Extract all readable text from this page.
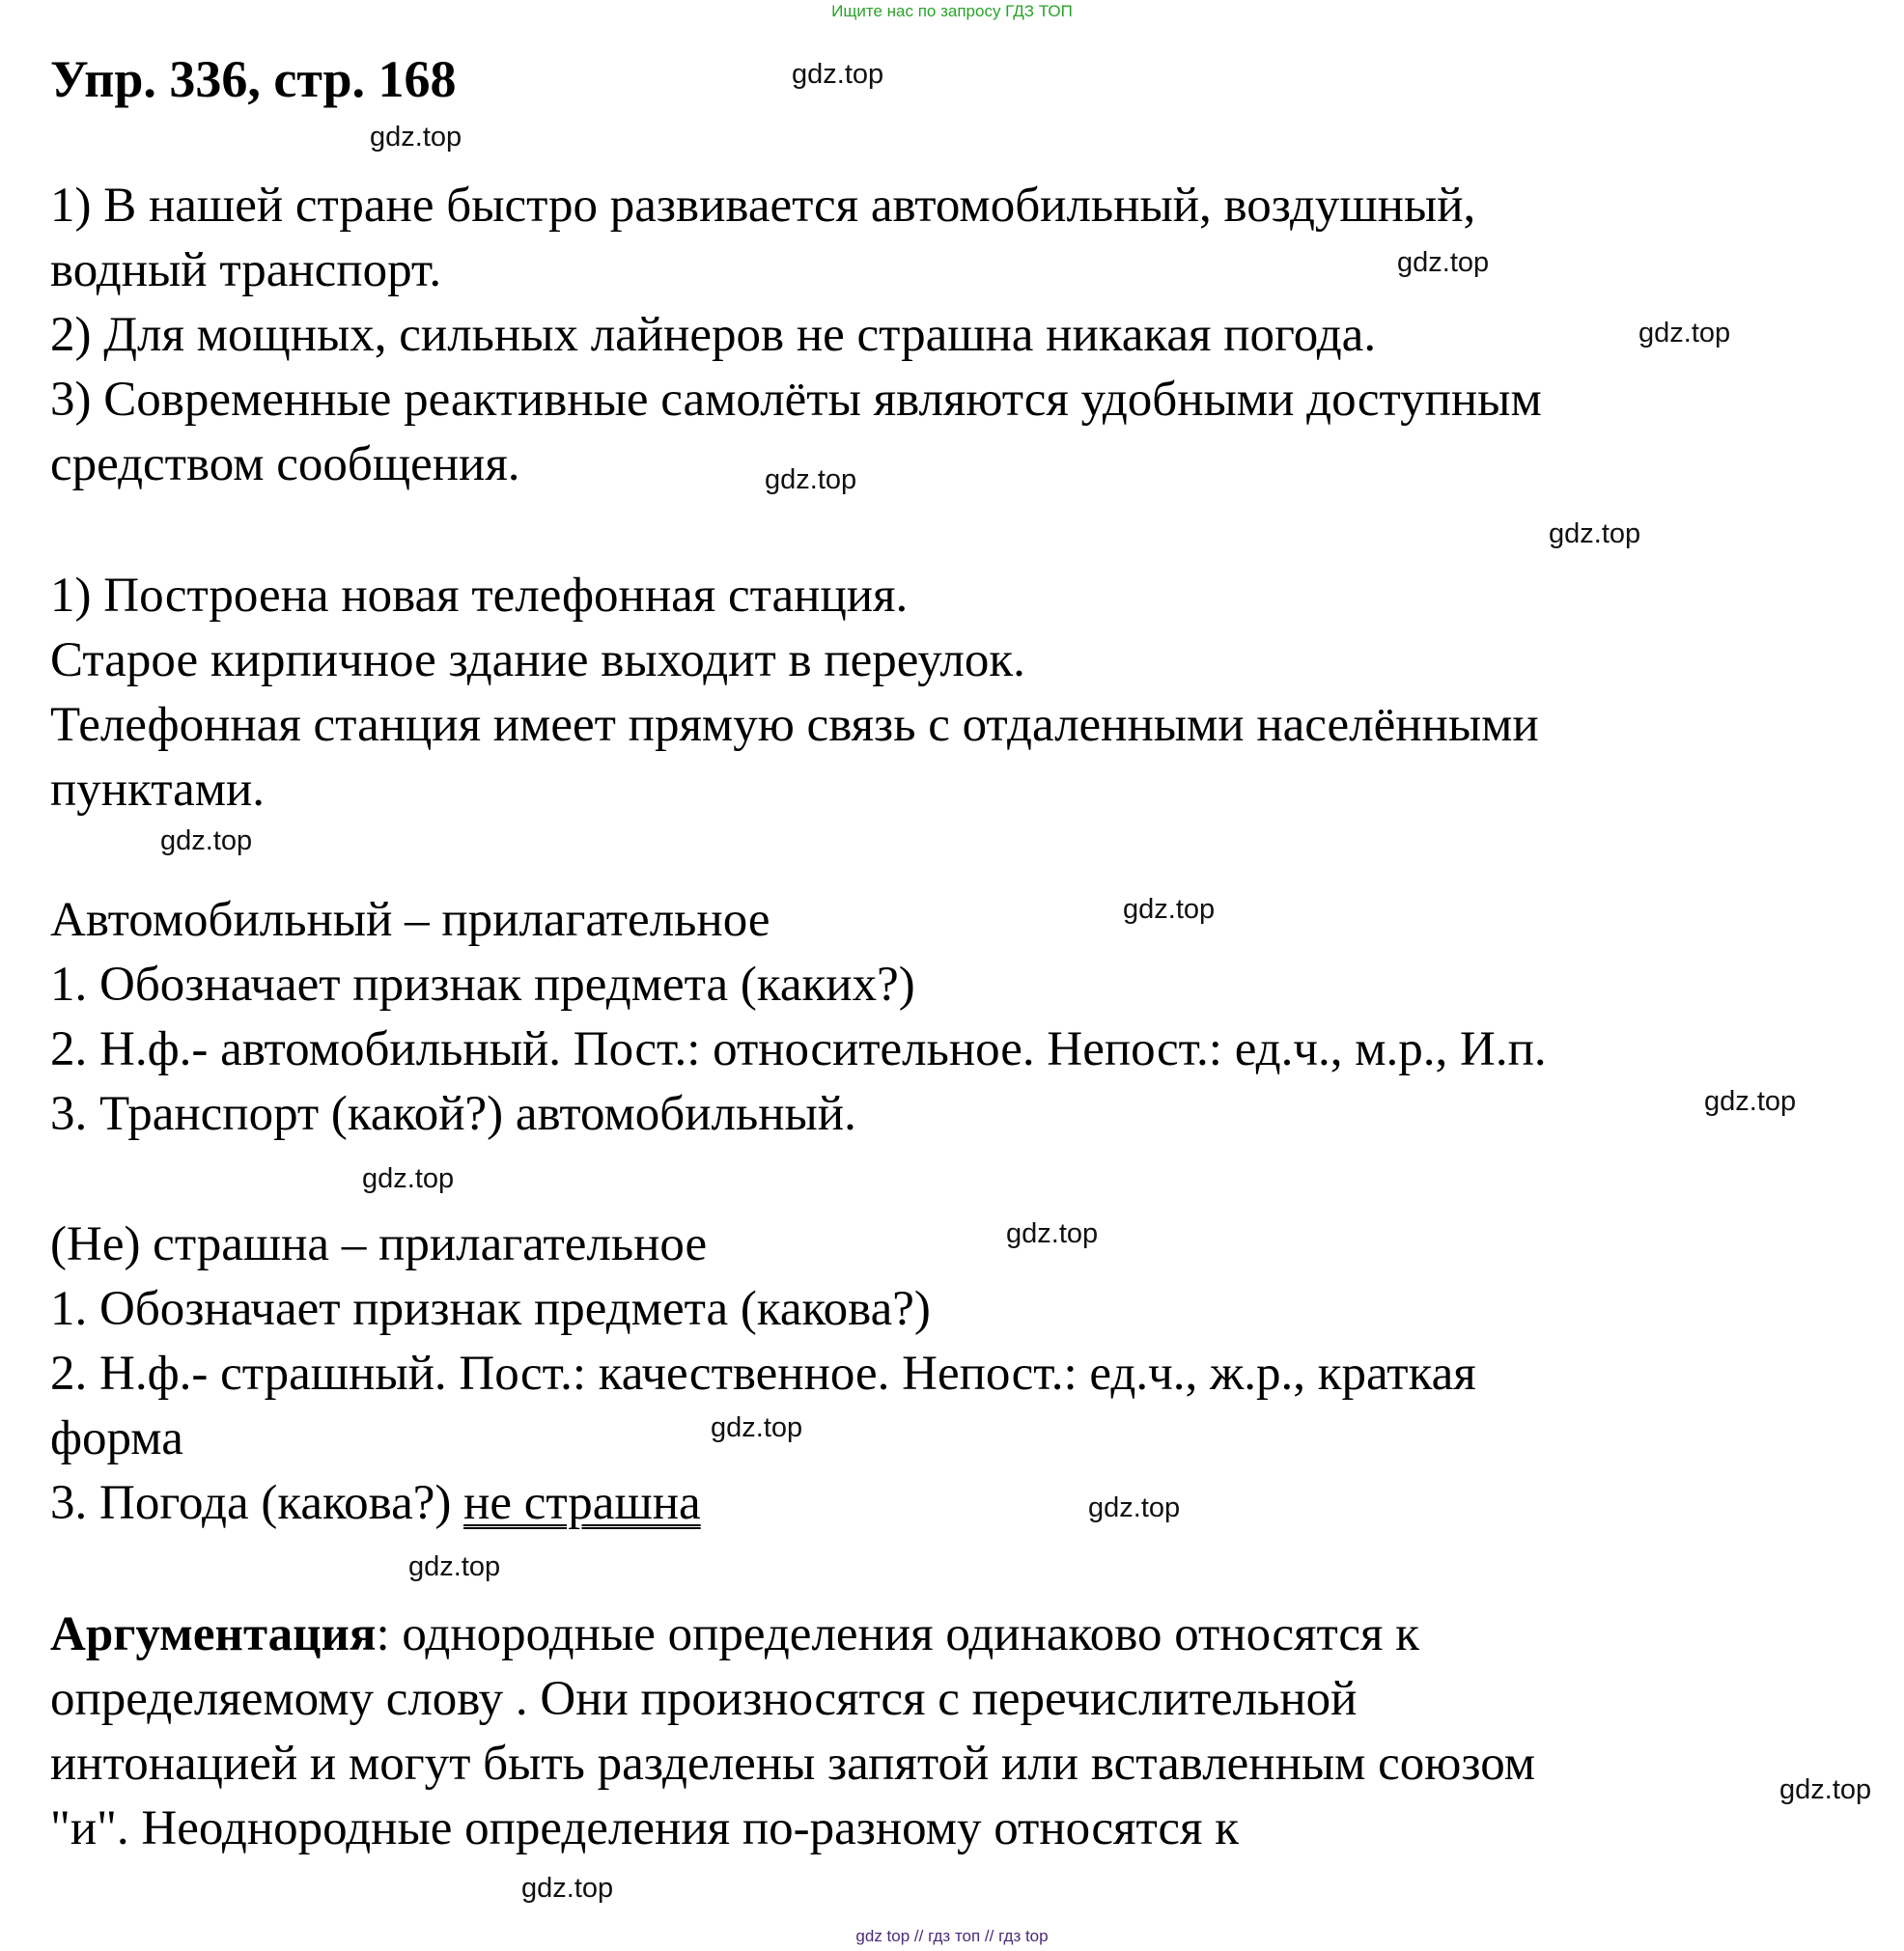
Ищите нас по запросу ГДЗ ТОП
Упр. 336, стр. 168
1) В нашей стране быстро развивается автомобильный, воздушный,
водный транспорт.
2) Для мощных, сильных лайнеров не страшна никакая погода.
3) Современные реактивные самолёты являются удобными доступным
средством сообщения.
1) Построена новая телефонная станция.
Старое кирпичное здание выходит в переулок.
Телефонная станция имеет прямую связь с отдаленными населёнными
пунктами.
Автомобильный – прилагательное
1. Обозначает признак предмета (каких?)
2. Н.ф.- автомобильный. Пост.: относительное. Непост.: ед.ч., м.р., И.п.
3. Транспорт (какой?) автомобильный.
(Не) страшна – прилагательное
1. Обозначает признак предмета (какова?)
2. Н.ф.- страшный. Пост.: качественное. Непост.: ед.ч., ж.р., краткая
форма
3. Погода (какова?) не страшна
Аргументация: однородные определения одинаково относятся к
определяемому слову . Они произносятся с перечислительной
интонацией и могут быть разделены запятой или вставленным союзом
"и". Неоднородные определения по-разному относятся к
gdz.top
gdz.top
gdz.top
gdz.top
gdz.top
gdz.top
gdz.top
gdz.top
gdz.top
gdz.top
gdz.top
gdz.top
gdz.top
gdz.top
gdz.top
gdz.top
gdz top // гдз топ // гдз top
